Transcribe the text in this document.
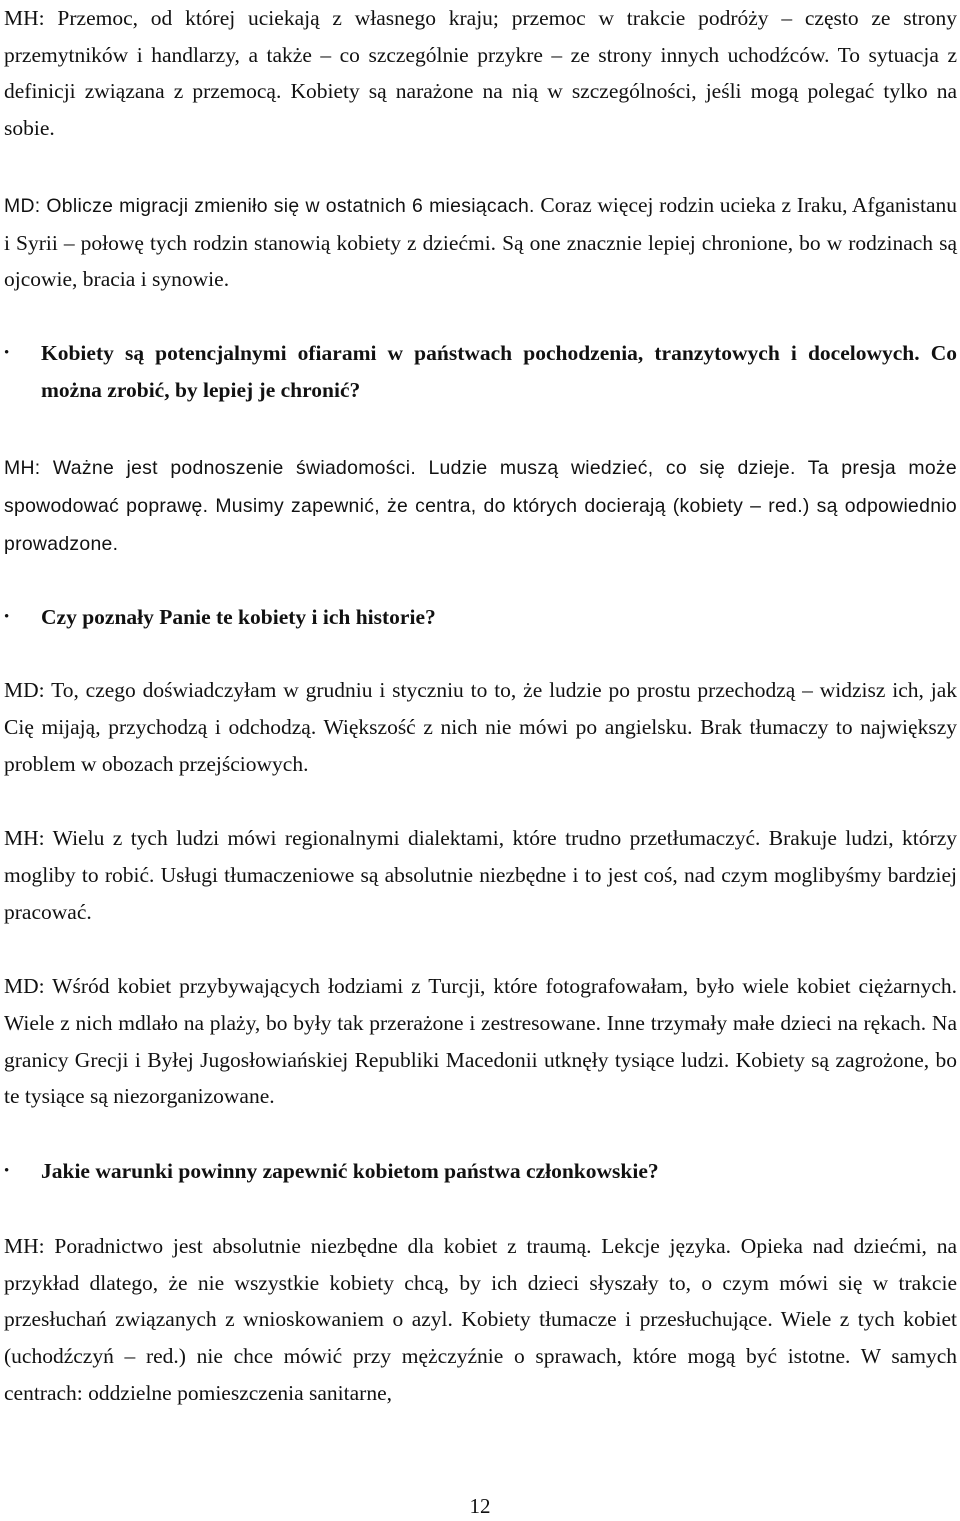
MH: Przemoc, od której uciekają z własnego kraju; przemoc w trakcie podróży – często ze strony przemytników i handlarzy, a także – co szczególnie przykre – ze strony innych uchodźców. To sytuacja z definicji związana z przemocą. Kobiety są narażone na nią w szczególności, jeśli mogą polegać tylko na sobie.

MD: Oblicze migracji zmieniło się w ostatnich 6 miesiącach. Coraz więcej rodzin ucieka z Iraku, Afganistanu i Syrii – połowę tych rodzin stanowią kobiety z dziećmi. Są one znacznie lepiej chronione, bo w rodzinach są ojcowie, bracia i synowie.

• Kobiety są potencjalnymi ofiarami w państwach pochodzenia, tranzytowych i docelowych. Co można zrobić, by lepiej je chronić?

MH: Ważne jest podnoszenie świadomości. Ludzie muszą wiedzieć, co się dzieje. Ta presja może spowodować poprawę. Musimy zapewnić, że centra, do których docierają (kobiety – red.) są odpowiednio prowadzone.

• Czy poznały Panie te kobiety i ich historie?

MD: To, czego doświadczyłam w grudniu i styczniu to to, że ludzie po prostu przechodzą – widzisz ich, jak Cię mijają, przychodzą i odchodzą. Większość z nich nie mówi po angielsku. Brak tłumaczy to największy problem w obozach przejściowych.

MH: Wielu z tych ludzi mówi regionalnymi dialektami, które trudno przetłumaczyć. Brakuje ludzi, którzy mogliby to robić. Usługi tłumaczeniowe są absolutnie niezbędne i to jest coś, nad czym moglibyśmy bardziej pracować.

MD: Wśród kobiet przybywających łodziami z Turcji, które fotografowałam, było wiele kobiet ciężarnych. Wiele z nich mdlało na plaży, bo były tak przerażone i zestresowane. Inne trzymały małe dzieci na rękach. Na granicy Grecji i Byłej Jugosłowiańskiej Republiki Macedonii utknęły tysiące ludzi. Kobiety są zagrożone, bo te tysiące są niezorganizowane.

• Jakie warunki powinny zapewnić kobietom państwa członkowskie?

MH: Poradnictwo jest absolutnie niezbędne dla kobiet z traumą. Lekcje języka. Opieka nad dziećmi, na przykład dlatego, że nie wszystkie kobiety chcą, by ich dzieci słyszały to, o czym mówi się w trakcie przesłuchań związanych z wnioskowaniem o azyl. Kobiety tłumacze i przesłuchujące. Wiele z tych kobiet (uchodźczyń – red.) nie chce mówić przy mężczyźnie o sprawach, które mogą być istotne. W samych centrach: oddzielne pomieszczenia sanitarne,

12
